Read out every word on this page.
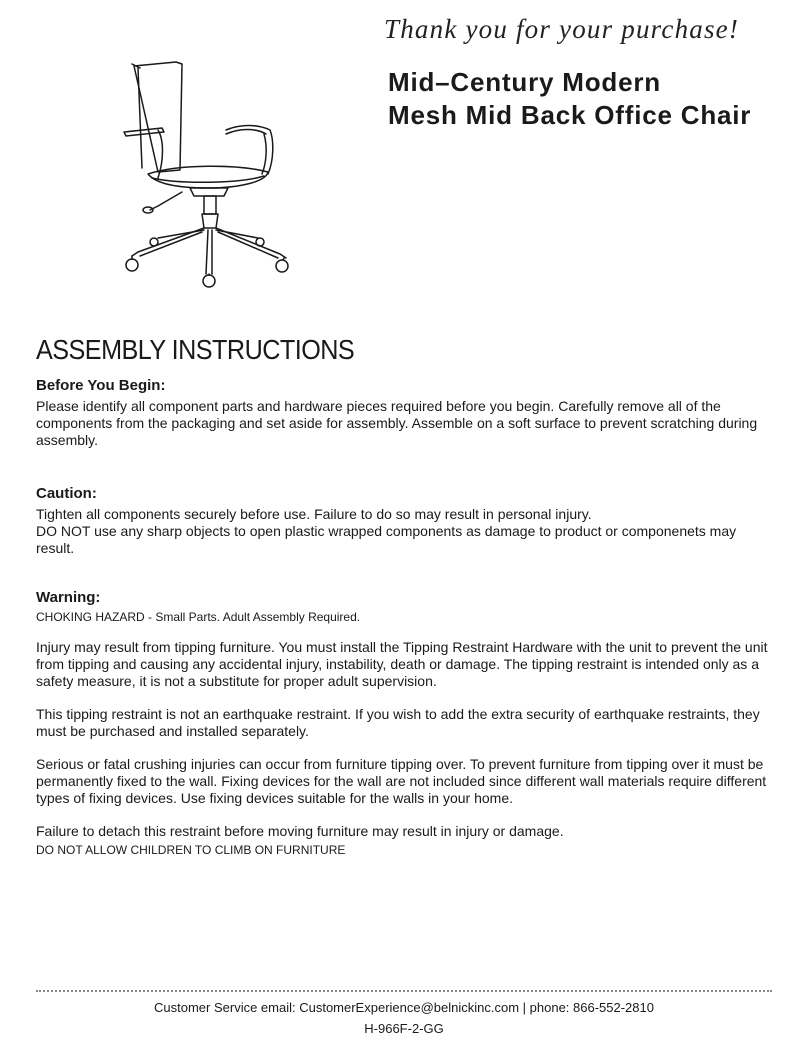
Thank you for your purchase!
Mid–Century Modern
Mesh Mid Back Office Chair
ASSEMBLY INSTRUCTIONS
Before You Begin:

Please identify all component parts and hardware pieces required before you begin. Carefully remove all of the components from the packaging and set aside for assembly. Assemble on a soft surface to prevent scratching during assembly.

Caution:

Tighten all components securely before use. Failure to do so may result in personal injury.

DO NOT use any sharp objects to open plastic wrapped components as damage to product or componenets may result.

Warning:

CHOKING HAZARD - Small Parts. Adult Assembly Required.

Injury may result from tipping furniture. You must install the Tipping Restraint Hardware with the unit to prevent the unit from tipping and causing any accidental injury, instability, death or damage. The tipping restraint is intended only as a safety measure, it is not a substitute for proper adult supervision.

This tipping restraint is not an earthquake restraint. If you wish to add the extra security of earthquake restraints, they must be purchased and installed separately.

Serious or fatal crushing injuries can occur from furniture tipping over. To prevent furniture from tipping over it must be permanently fixed to the wall. Fixing devices for the wall are not included since different wall materials require different types of fixing devices. Use fixing devices suitable for the walls in your home.

Failure to detach this restraint before moving furniture may result in injury or damage.

DO NOT ALLOW CHILDREN TO CLIMB ON FURNITURE

Customer Service email: CustomerExperience@belnickinc.com | phone: 866-552-2810
H-966F-2-GG
